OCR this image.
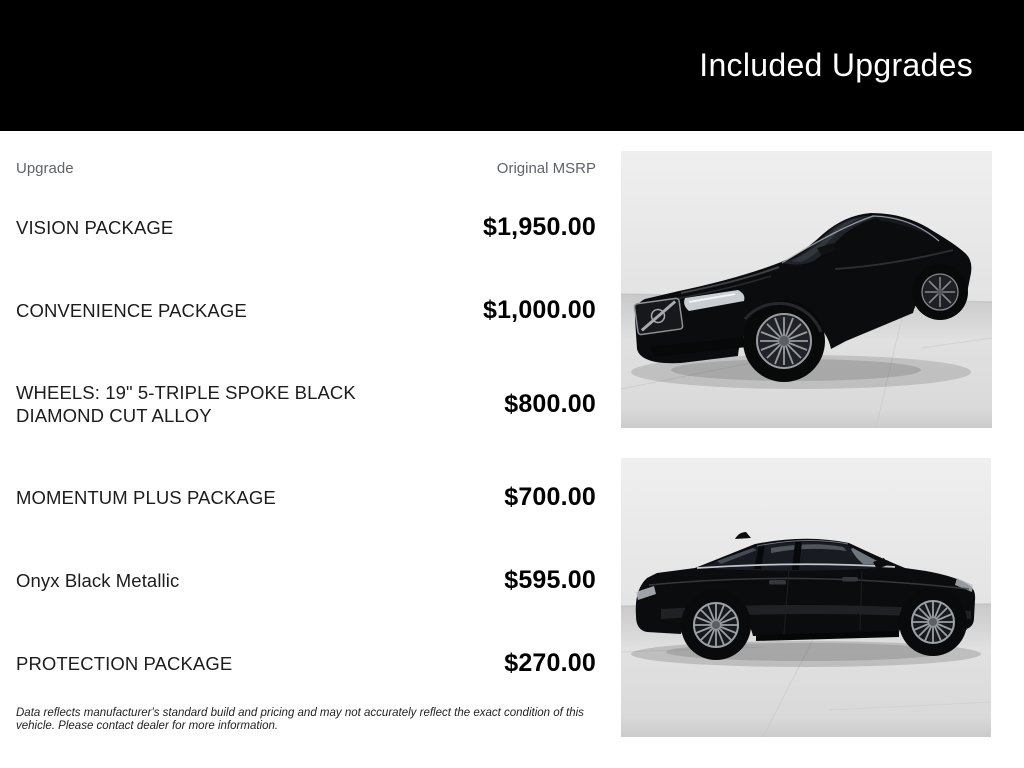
Included Upgrades
Upgrade	Original MSRP
VISION PACKAGE	$1,950.00
CONVENIENCE PACKAGE	$1,000.00
WHEELS: 19" 5-TRIPLE SPOKE BLACK DIAMOND CUT ALLOY	$800.00
MOMENTUM PLUS PACKAGE	$700.00
Onyx Black Metallic	$595.00
PROTECTION PACKAGE	$270.00
Data reflects manufacturer's standard build and pricing and may not accurately reflect the exact condition of this vehicle. Please contact dealer for more information.
